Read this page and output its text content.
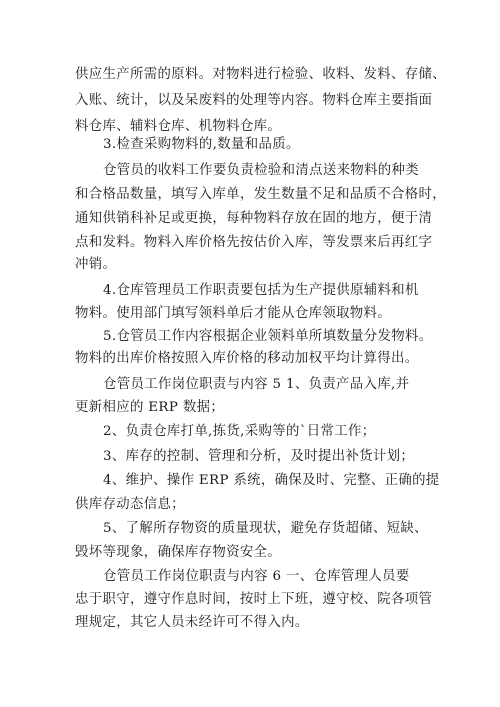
供应生产所需的原料。对物料进行检验、收料、发料、存储、
入账、统计，以及呆废料的处理等内容。物料仓库主要指面
料仓库、辅料仓库、机物料仓库。
3.检查采购物料的,数量和品质。
仓管员的收料工作要负责检验和清点送来物料的种类
和合格品数量，填写入库单，发生数量不足和品质不合格时，
通知供销科补足或更换，每种物料存放在固的地方，便于清
点和发料。物料入库价格先按估价入库，等发票来后再红字
冲销。
4.仓库管理员工作职责要包括为生产提供原辅料和机
物料。使用部门填写领料单后才能从仓库领取物料。
5.仓管员工作内容根据企业领料单所填数量分发物料。
物料的出库价格按照入库价格的移动加权平均计算得出。
仓管员工作岗位职责与内容 5 1、负责产品入库,并
更新相应的 ERP 数据；
2、负责仓库打单,拣货,采购等的`日常工作；
3、库存的控制、管理和分析，及时提出补货计划；
4、维护、操作 ERP 系统，确保及时、完整、正确的提
供库存动态信息；
5、了解所存物资的质量现状，避免存货超储、短缺、
毁坏等现象，确保库存物资安全。
仓管员工作岗位职责与内容 6 一、仓库管理人员要
忠于职守，遵守作息时间，按时上下班，遵守校、院各项管
理规定，其它人员未经许可不得入内。
